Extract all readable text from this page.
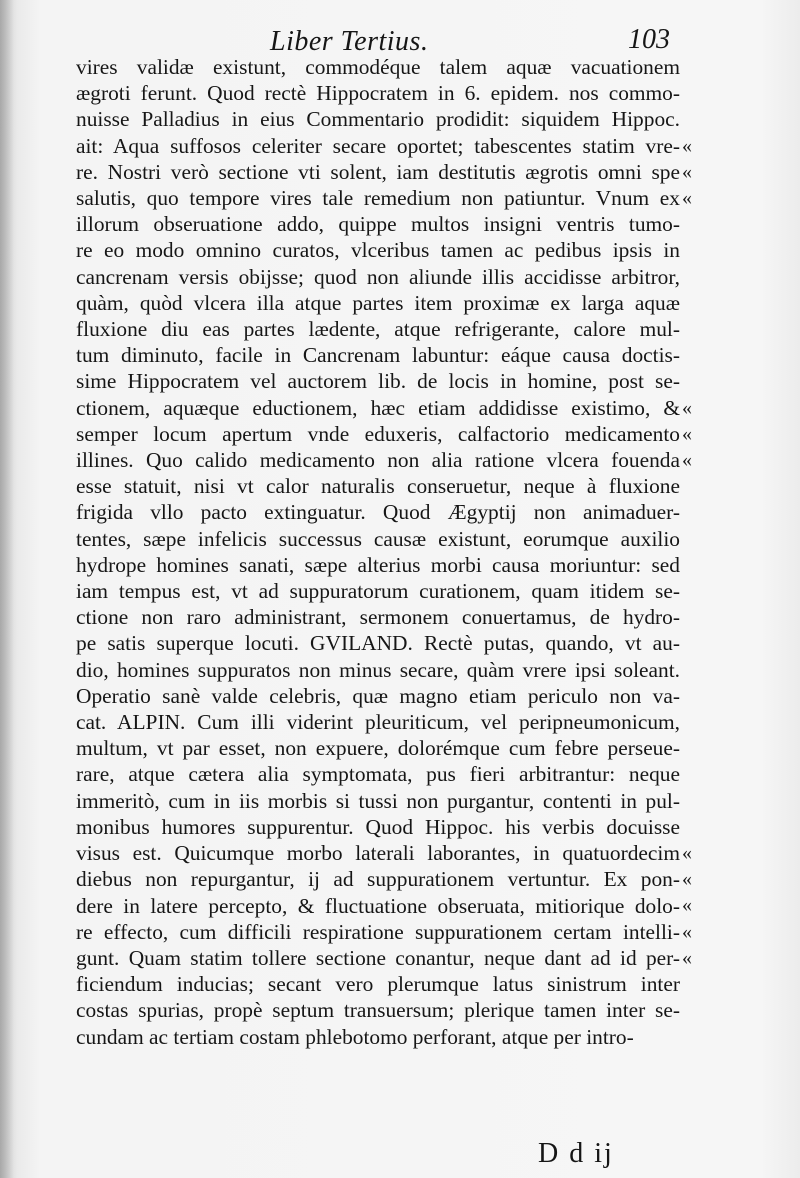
Liber Tertius.	103
vires validæ existunt, commodéque talem aquæ vacuationem
ægroti ferunt. Quod rectè Hippocratem in 6. epidem. nos commo-
nuisse Palladius in eius Commentario prodidit: siquidem Hippoc.
ait: Aqua suffosos celeriter secare oportet; tabescentes statim vre-
re. Nostri verò sectione vti solent, iam destitutis ægrotis omni spe
salutis, quo tempore vires tale remedium non patiuntur. Vnum ex
illorum obseruatione addo, quippe multos insigni ventris tumo-
re eo modo omnino curatos, vlceribus tamen ac pedibus ipsis in
cancrenam versis obijsse; quod non aliunde illis accidisse arbitror,
quàm, quòd vlcera illa atque partes item proximæ ex larga aquæ
fluxione diu eas partes lædente, atque refrigerante, calore mul-
tum diminuto, facile in Cancrenam labuntur: eáque causa doctis-
sime Hippocratem vel auctorem lib. de locis in homine, post se-
ctionem, aquæque eductionem, hæc etiam addidisse existimo, &
semper locum apertum vnde eduxeris, calfactorio medicamento
illines. Quo calido medicamento non alia ratione vlcera fouenda
esse statuit, nisi vt calor naturalis conseruetur, neque à fluxione
frigida vllo pacto extinguatur. Quod Ægyptij non animaduer-
tentes, sæpe infelicis successus causæ existunt, eorumque auxilio
hydrope homines sanati, sæpe alterius morbi causa moriuntur: sed
iam tempus est, vt ad suppuratorum curationem, quam itidem se-
ctione non raro administrant, sermonem conuertamus, de hydro-
pe satis superque locuti. GVILAND. Rectè putas, quando, vt au-
dio, homines suppuratos non minus secare, quàm vrere ipsi soleant.
Operatio sanè valde celebris, quæ magno etiam periculo non va-
cat. ALPIN. Cum illi viderint pleuriticum, vel peripneumonicum,
multum, vt par esset, non expuere, dolorémque cum febre perseue-
rare, atque cætera alia symptomata, pus fieri arbitrantur: neque
immeritò, cum in iis morbis si tussi non purgantur, contenti in pul-
monibus humores suppurentur. Quod Hippoc. his verbis docuisse
visus est. Quicumque morbo laterali laborantes, in quatuordecim
diebus non repurgantur, ij ad suppurationem vertuntur. Ex pon-
dere in latere percepto, & fluctuatione obseruata, mitiorique dolo-
re effecto, cum difficili respiratione suppurationem certam intelli-
gunt. Quam statim tollere sectione conantur, neque dant ad id per-
ficiendum inducias; secant vero plerumque latus sinistrum inter
costas spurias, propè septum transuersum; plerique tamen inter se-
cundam ac tertiam costam phlebotomo perforant, atque per intro-
«
«
«
«
«
«
«
«
«
«
«
D d ij
